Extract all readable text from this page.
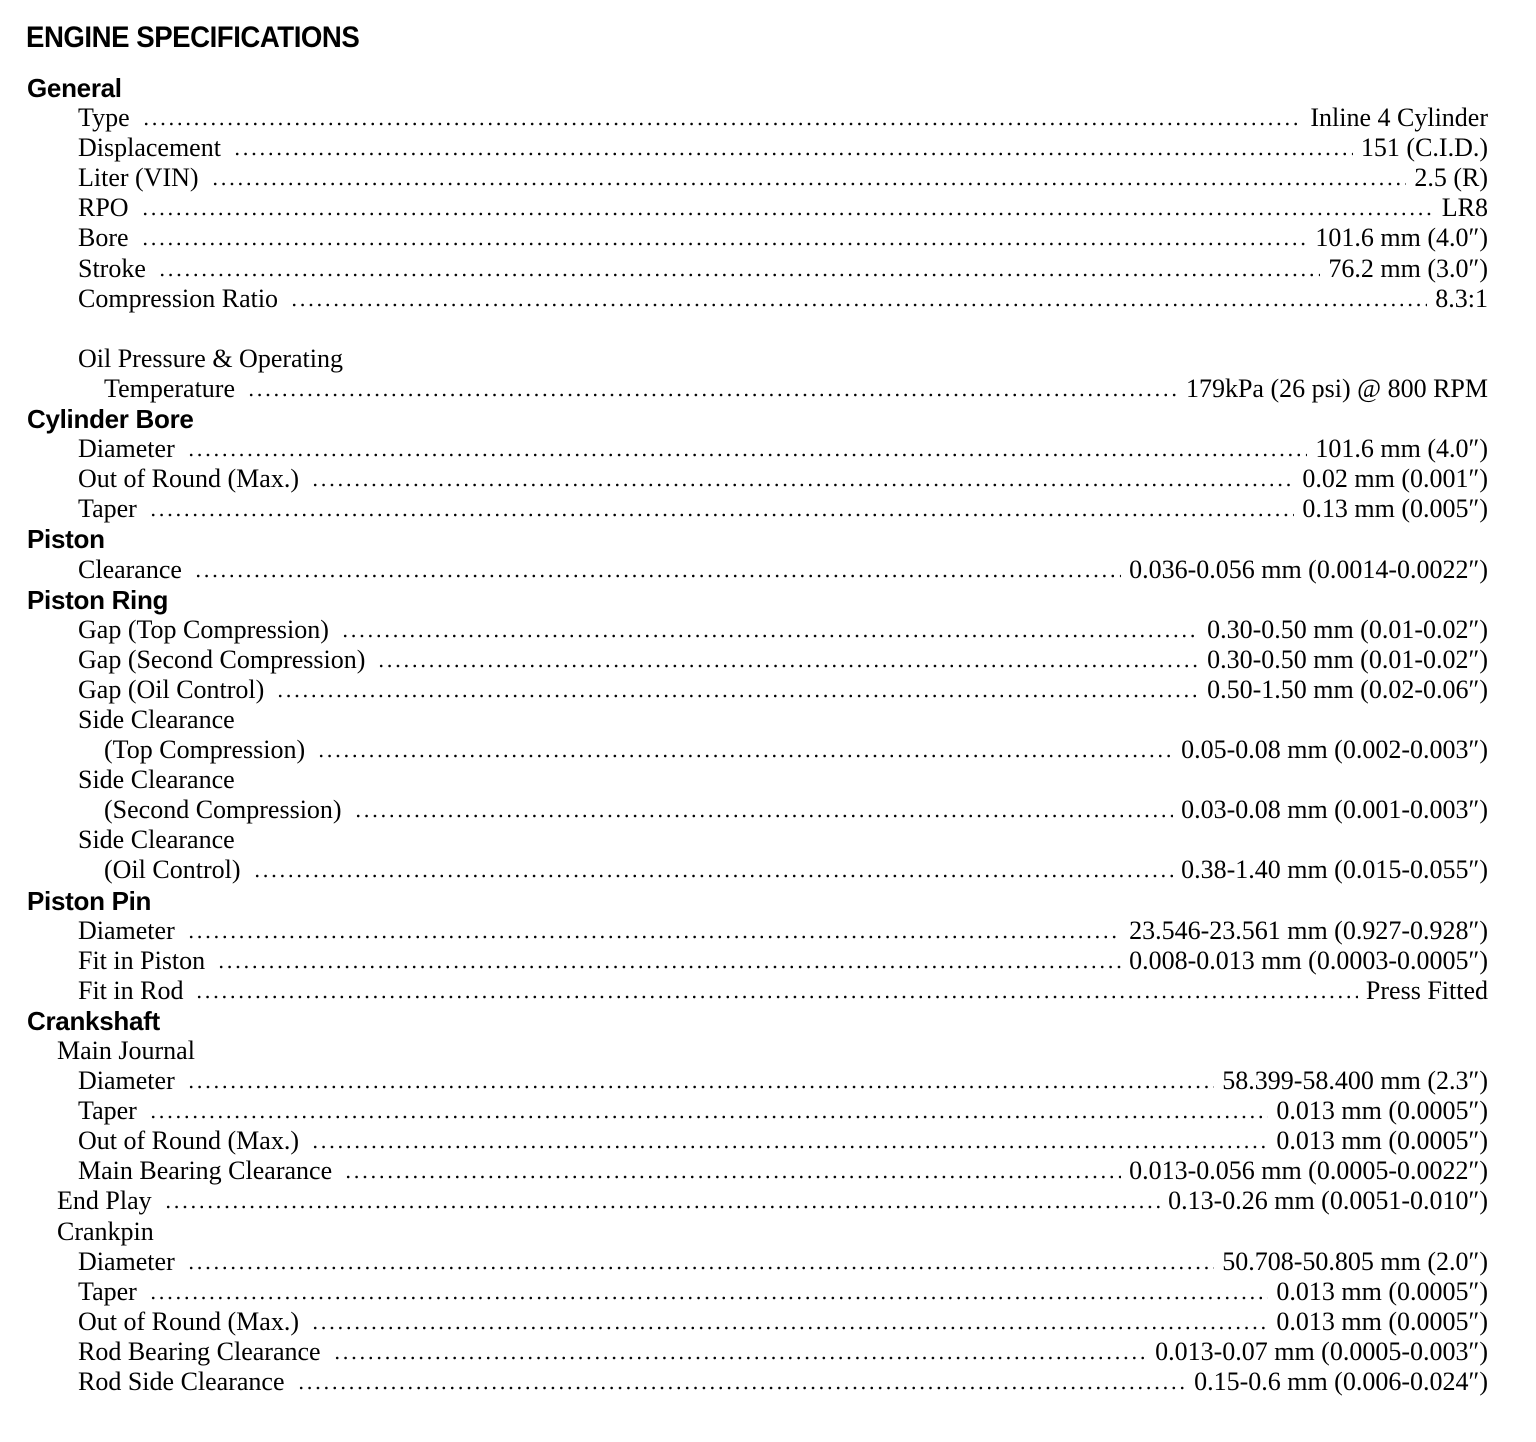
ENGINE SPECIFICATIONS
General
Type	Inline 4 Cylinder
Displacement	151 (C.I.D.)
Liter (VIN)	2.5 (R)
RPO	LR8
Bore	101.6 mm (4.0″)
Stroke	76.2 mm (3.0″)
Compression Ratio	8.3:1
Oil Pressure & Operating
Temperature	179kPa (26 psi) @ 800 RPM
Cylinder Bore
Diameter	101.6 mm (4.0″)
Out of Round (Max.)	0.02 mm (0.001″)
Taper	0.13 mm (0.005″)
Piston
Clearance	0.036-0.056 mm (0.0014-0.0022″)
Piston Ring
Gap (Top Compression)	0.30-0.50 mm (0.01-0.02″)
Gap (Second Compression)	0.30-0.50 mm (0.01-0.02″)
Gap (Oil Control)	0.50-1.50 mm (0.02-0.06″)
Side Clearance
(Top Compression)	0.05-0.08 mm (0.002-0.003″)
Side Clearance
(Second Compression)	0.03-0.08 mm (0.001-0.003″)
Side Clearance
(Oil Control)	0.38-1.40 mm (0.015-0.055″)
Piston Pin
Diameter	23.546-23.561 mm (0.927-0.928″)
Fit in Piston	0.008-0.013 mm (0.0003-0.0005″)
Fit in Rod	Press Fitted
Crankshaft
Main Journal
Diameter	58.399-58.400 mm (2.3″)
Taper	0.013 mm (0.0005″)
Out of Round (Max.)	0.013 mm (0.0005″)
Main Bearing Clearance	0.013-0.056 mm (0.0005-0.0022″)
End Play	0.13-0.26 mm (0.0051-0.010″)
Crankpin
Diameter	50.708-50.805 mm (2.0″)
Taper	0.013 mm (0.0005″)
Out of Round (Max.)	0.013 mm (0.0005″)
Rod Bearing Clearance	0.013-0.07 mm (0.0005-0.003″)
Rod Side Clearance	0.15-0.6 mm (0.006-0.024″)
